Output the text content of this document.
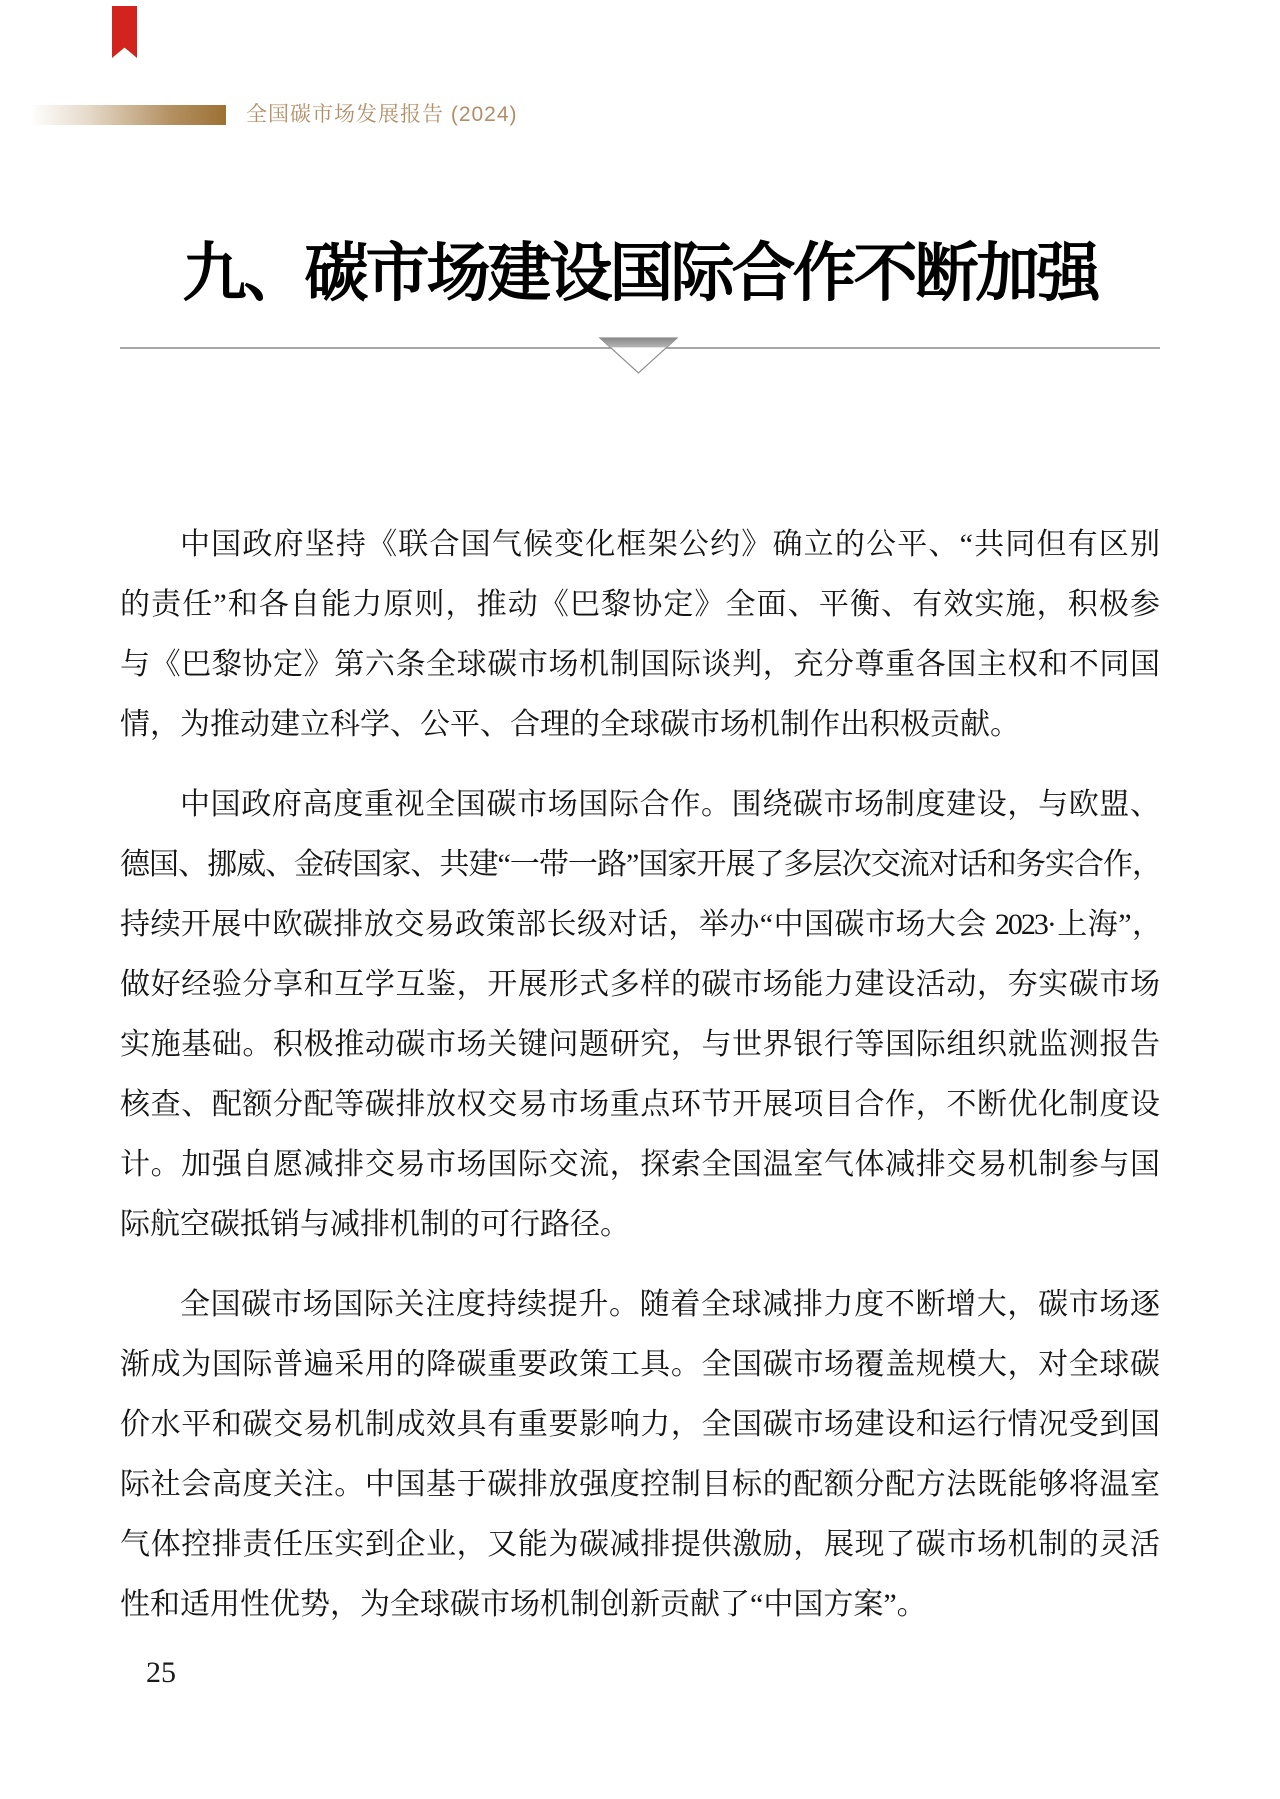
全国碳市场发展报告 (2024)
九、碳市场建设国际合作不断加强
中国政府坚持《联合国气候变化框架公约》确立的公平、“共同但有区别
的责任”和各自能力原则，推动《巴黎协定》全面、平衡、有效实施，积极参
与《巴黎协定》第六条全球碳市场机制国际谈判，充分尊重各国主权和不同国
情，为推动建立科学、公平、合理的全球碳市场机制作出积极贡献。
中国政府高度重视全国碳市场国际合作。围绕碳市场制度建设，与欧盟、
德国、挪威、金砖国家、共建“一带一路”国家开展了多层次交流对话和务实合作，
持续开展中欧碳排放交易政策部长级对话，举办“中国碳市场大会 2023·上海”，
做好经验分享和互学互鉴，开展形式多样的碳市场能力建设活动，夯实碳市场
实施基础。积极推动碳市场关键问题研究，与世界银行等国际组织就监测报告
核查、配额分配等碳排放权交易市场重点环节开展项目合作，不断优化制度设
计。加强自愿减排交易市场国际交流，探索全国温室气体减排交易机制参与国
际航空碳抵销与减排机制的可行路径。
全国碳市场国际关注度持续提升。随着全球减排力度不断增大，碳市场逐
渐成为国际普遍采用的降碳重要政策工具。全国碳市场覆盖规模大，对全球碳
价水平和碳交易机制成效具有重要影响力，全国碳市场建设和运行情况受到国
际社会高度关注。中国基于碳排放强度控制目标的配额分配方法既能够将温室
气体控排责任压实到企业，又能为碳减排提供激励，展现了碳市场机制的灵活
性和适用性优势，为全球碳市场机制创新贡献了“中国方案”。
25
